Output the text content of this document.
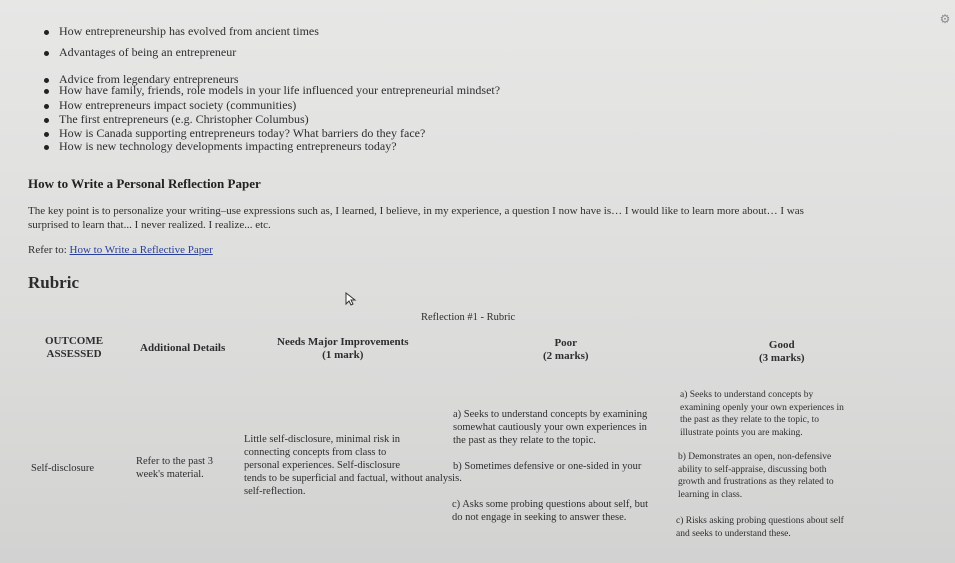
⚙
How entrepreneurship has evolved from ancient times
Advantages of being an entrepreneur
Advice from legendary entrepreneurs
How have family, friends, role models in your life influenced your entrepreneurial mindset?
How entrepreneurs impact society (communities)
The first entrepreneurs (e.g. Christopher Columbus)
How is Canada supporting entrepreneurs today? What barriers do they face?
How is new technology developments impacting entrepreneurs today?
How to Write a Personal Reflection Paper
The key point is to personalize your writing–use expressions such as, I learned, I believe, in my experience, a question I now have is… I would like to learn more about… I was
surprised to learn that... I never realized. I realize... etc.
Refer to: How to Write a Reflective Paper
Rubric
Reflection #1 - Rubric
OUTCOME
ASSESSED	Additional Details	Needs Major Improvements
(1 mark)
Poor
(2 marks)
Good
(3 marks)
Self-disclosure
Refer to the past 3
week's material.
Little self-disclosure, minimal risk in
connecting concepts from class to
personal experiences. Self-disclosure
tends to be superficial and factual, without analysis.
self-reflection.
a) Seeks to understand concepts by examining
somewhat cautiously your own experiences in
the past as they relate to the topic.
b) Sometimes defensive or one-sided in your
c) Asks some probing questions about self, but
do not engage in seeking to answer these.
a) Seeks to understand concepts by
examining openly your own experiences in
the past as they relate to the topic, to
illustrate points you are making.
b) Demonstrates an open, non-defensive
ability to self-appraise, discussing both
growth and frustrations as they related to
learning in class.
c) Risks asking probing questions about self
and seeks to understand these.
